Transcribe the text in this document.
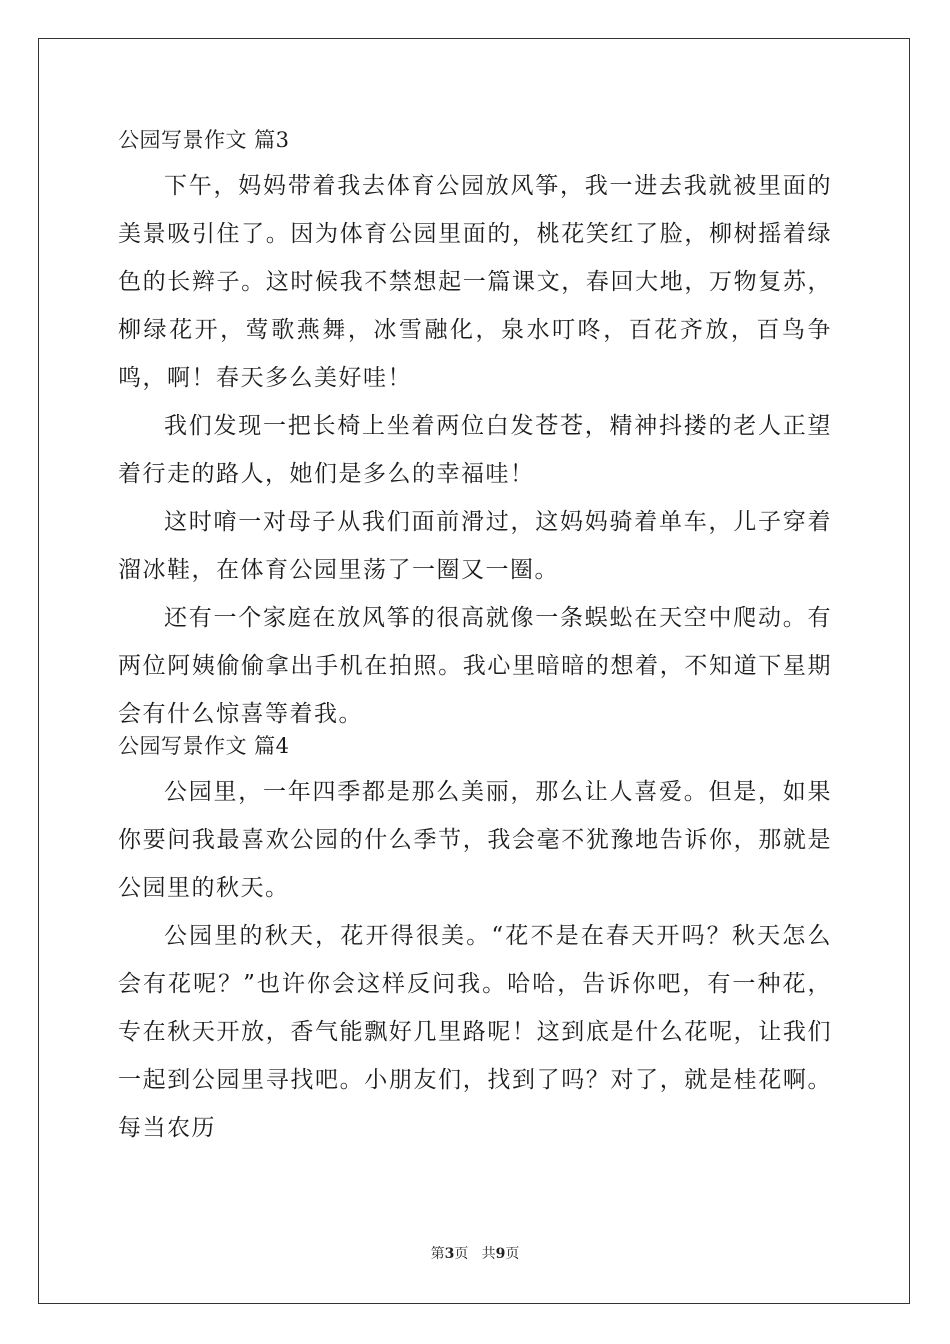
公园写景作文 篇3

下午，妈妈带着我去体育公园放风筝，我一进去我就被里面的美景吸引住了。因为体育公园里面的，桃花笑红了脸，柳树摇着绿色的长辫子。这时候我不禁想起一篇课文，春回大地，万物复苏，柳绿花开，莺歌燕舞，冰雪融化，泉水叮咚，百花齐放，百鸟争鸣，啊！春天多么美好哇！

我们发现一把长椅上坐着两位白发苍苍，精神抖搂的老人正望着行走的路人，她们是多么的幸福哇！

这时唷一对母子从我们面前滑过，这妈妈骑着单车，儿子穿着溜冰鞋，在体育公园里荡了一圈又一圈。

还有一个家庭在放风筝的很高就像一条蜈蚣在天空中爬动。有两位阿姨偷偷拿出手机在拍照。我心里暗暗的想着，不知道下星期会有什么惊喜等着我。

公园写景作文 篇4

公园里，一年四季都是那么美丽，那么让人喜爱。但是，如果你要问我最喜欢公园的什么季节，我会毫不犹豫地告诉你，那就是公园里的秋天。

公园里的秋天，花开得很美。“花不是在春天开吗？秋天怎么会有花呢？”也许你会这样反问我。哈哈，告诉你吧，有一种花，专在秋天开放，香气能飘好几里路呢！这到底是什么花呢，让我们一起到公园里寻找吧。小朋友们，找到了吗？对了，就是桂花啊。每当农历

第3页 共9页
